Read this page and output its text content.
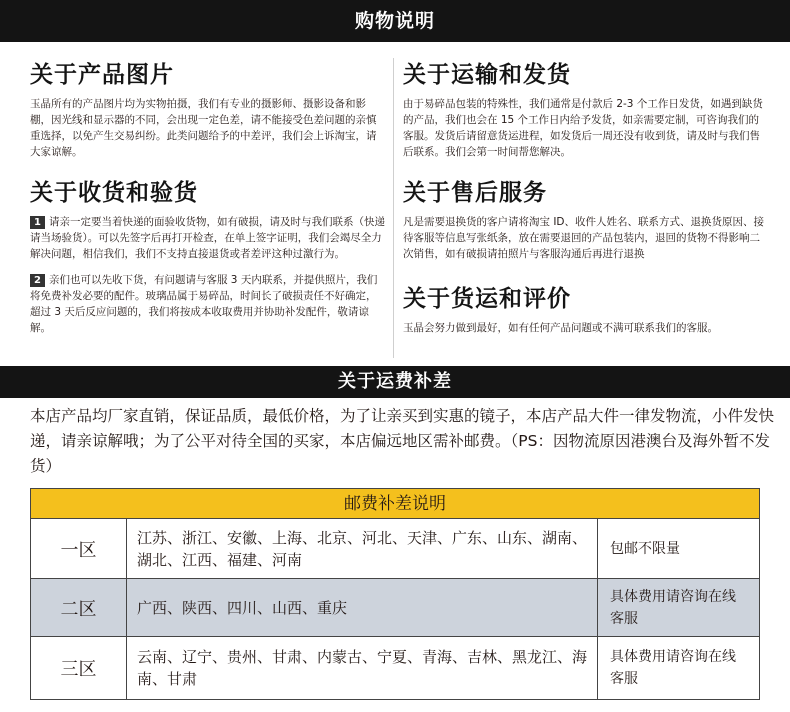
购物说明
关于产品图片

玉晶所有的产品图片均为实物拍摄，我们有专业的摄影师、摄影设备和影棚，因光线和显示器的不同，会出现一定色差，请不能接受色差问题的亲慎重选择，以免产生交易纠纷。此类问题给予的中差评，我们会上诉淘宝，请大家谅解。

关于运输和发货

由于易碎品包装的特殊性，我们通常是付款后 2-3 个工作日发货，如遇到缺货的产品，我们也会在 15 个工作日内给予发货，如亲需要定制，可咨询我们的客服。发货后请留意货运进程，如发货后一周还没有收到货，请及时与我们售后联系。我们会第一时间帮您解决。

关于收货和验货

1 请亲一定要当着快递的面验收货物，如有破损，请及时与我们联系（快递请当场验货）。可以先签字后再打开检查，在单上签字证明，我们会竭尽全力解决问题，相信我们，我们不支持直接退货或者差评这种过激行为。

2 亲们也可以先收下货，有问题请与客服 3 天内联系，并提供照片，我们将免费补发必要的配件。玻璃品属于易碎品，时间长了破损责任不好确定，超过 3 天后反应问题的，我们将按成本收取费用并协助补发配件，敬请谅解。

关于售后服务

凡是需要退换货的客户请将淘宝 ID、收件人姓名、联系方式、退换货原因、接待客服等信息写张纸条，放在需要退回的产品包装内，退回的货物不得影响二次销售，如有破损请拍照片与客服沟通后再进行退换

关于货运和评价

玉晶会努力做到最好，如有任何产品问题或不满可联系我们的客服。

关于运费补差
本店产品均厂家直销，保证品质，最低价格，为了让亲买到实惠的镜子，本店产品大件一律发物流，小件发快递，请亲谅解哦；为了公平对待全国的买家，本店偏远地区需补邮费。（PS：因物流原因港澳台及海外暂不发货）
邮费补差说明
一区
江苏、浙江、安徽、上海、北京、河北、天津、广东、山东、湖南、湖北、江西、福建、河南
包邮不限量
二区	广西、陕西、四川、山西、重庆
具体费用请咨询在线客服
三区
云南、辽宁、贵州、甘肃、内蒙古、宁夏、青海、吉林、黑龙江、海南、甘肃
具体费用请咨询在线客服
